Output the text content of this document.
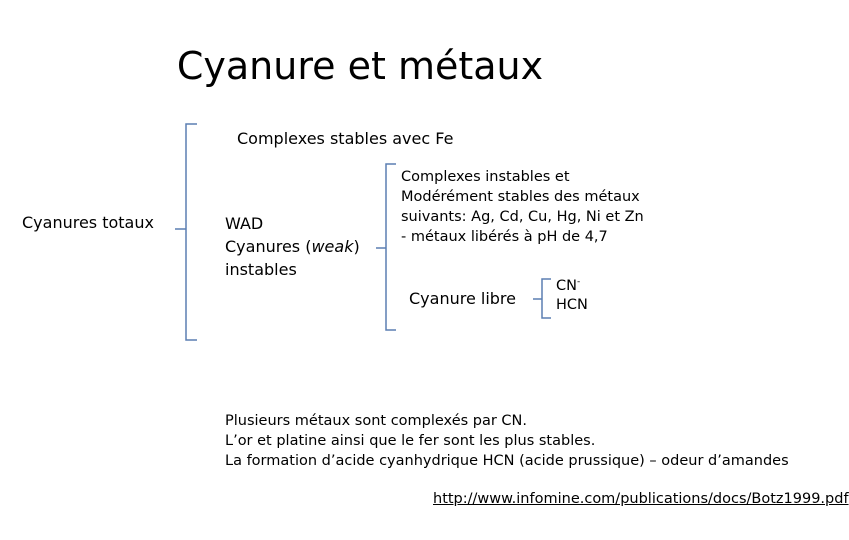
Cyanure et métaux
Complexes stables avec Fe
Cyanures totaux	WAD
Cyanures (weak)
instables
Complexes instables et
Modérément stables des métaux
suivants: Ag, Cd, Cu, Hg, Ni et Zn
- métaux libérés à pH de 4,7
Cyanure libre
CN-
HCN
Plusieurs métaux sont complexés par CN.
L’or et platine ainsi que le fer sont les plus stables.
La formation d’acide cyanhydrique HCN (acide prussique) – odeur d’amandes
http://www.infomine.com/publications/docs/Botz1999.pdf
